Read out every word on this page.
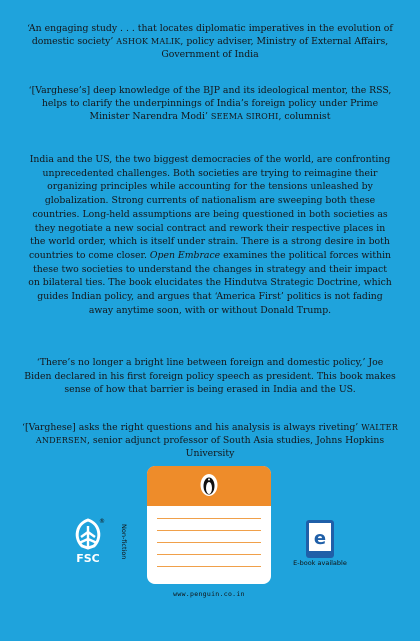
‘An engaging study . . . that locates diplomatic imperatives in the evolution of domestic society’ ASHOK MALIK, policy adviser, Ministry of External Affairs, Government of India

‘[Varghese’s] deep knowledge of the BJP and its ideological mentor, the RSS, helps to clarify the underpinnings of India’s foreign policy under Prime Minister Narendra Modi’ SEEMA SIROHI, columnist

India and the US, the two biggest democracies of the world, are confronting unprecedented challenges. Both societies are trying to reimagine their organizing principles while accounting for the tensions unleashed by globalization. Strong currents of nationalism are sweeping both these countries. Long-held assumptions are being questioned in both societies as they negotiate a new social contract and rework their respective places in the world order, which is itself under strain. There is a strong desire in both countries to come closer. Open Embrace examines the political forces within these two societies to understand the changes in strategy and their impact on bilateral ties. The book elucidates the Hindutva Strategic Doctrine, which guides Indian policy, and argues that ‘America First’ politics is not fading away anytime soon, with or without Donald Trump.

‘There’s no longer a bright line between foreign and domestic policy,’ Joe Biden declared in his first foreign policy speech as president. This book makes sense of how that barrier is being erased in India and the US.

‘[Varghese] asks the right questions and his analysis is always riveting’ WALTER ANDERSEN, senior adjunct professor of South Asia studies, Johns Hopkins University

®
FSC	Non-fiction
www.penguin.co.in
e
E-book available
